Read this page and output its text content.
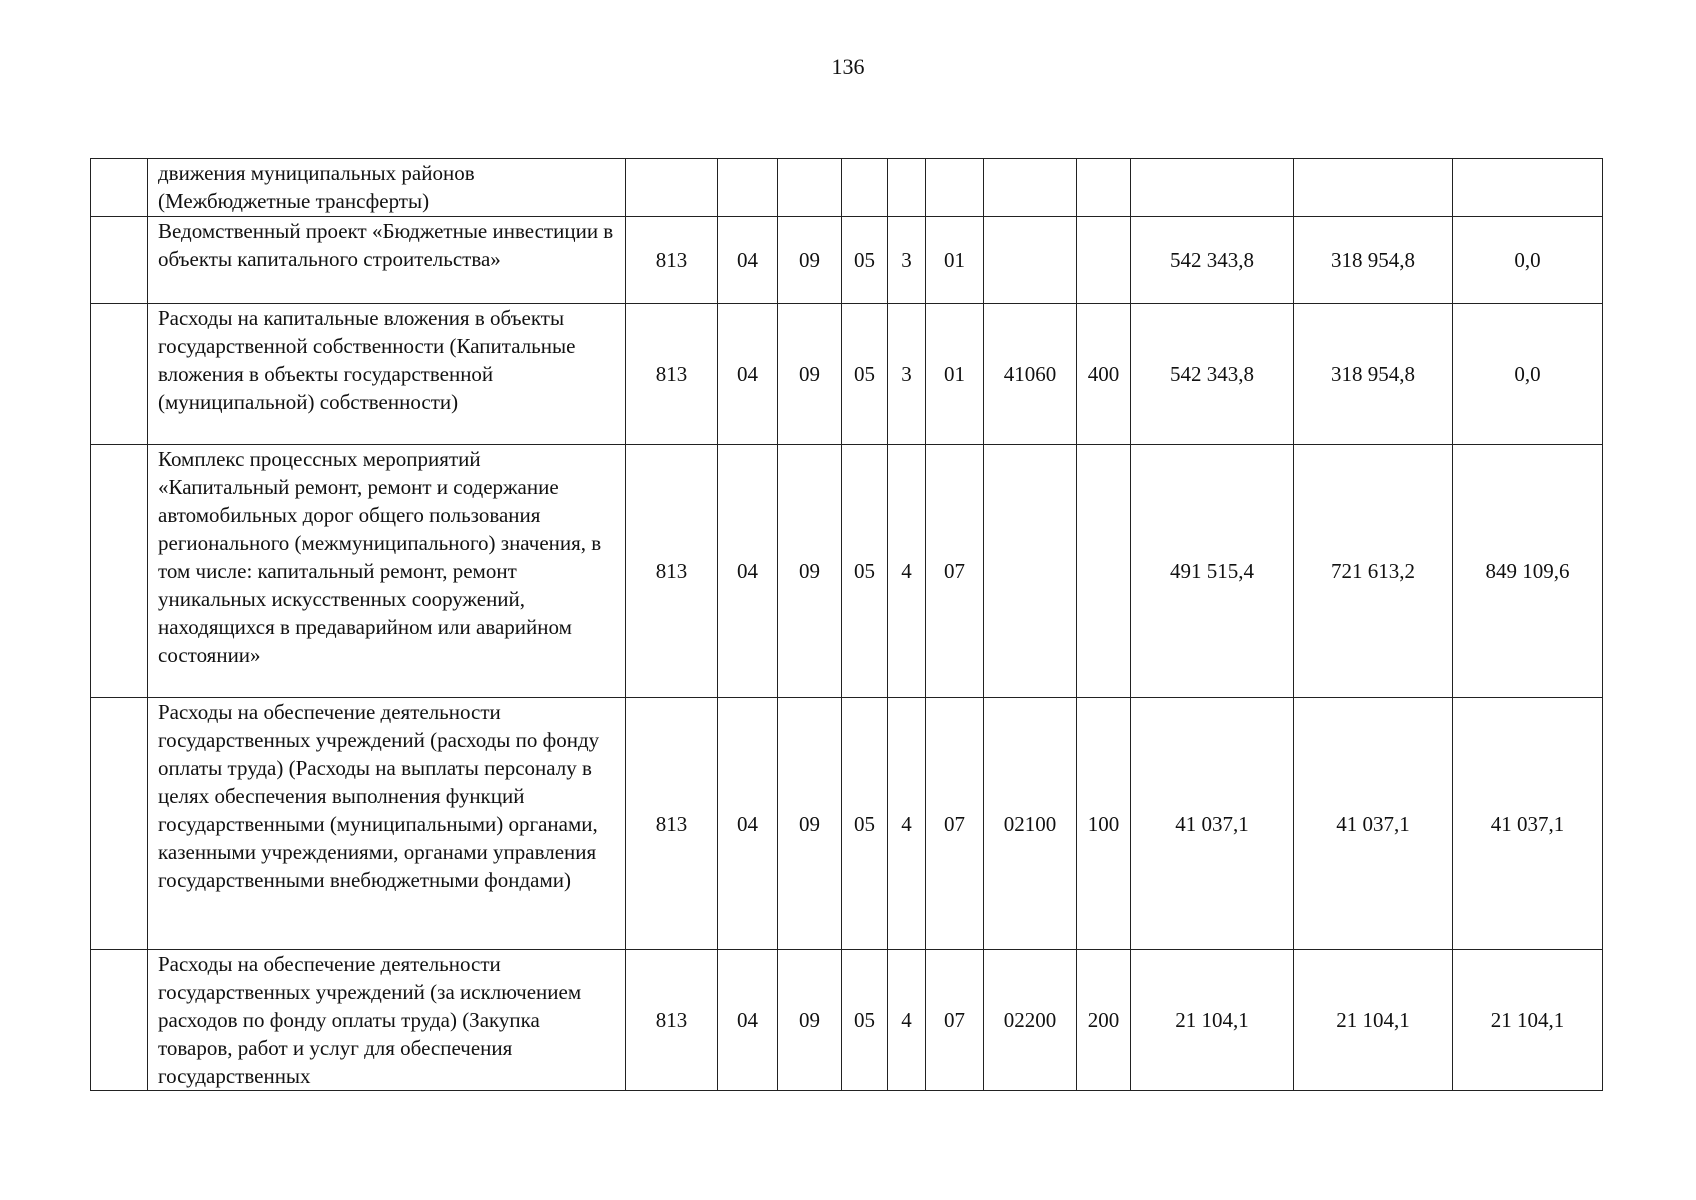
136
	движения муниципальных районов (Межбюджетные трансферты)											
	Ведомственный проект «Бюджетные инвестиции в объекты капитального строительства»	813	04	09	05	3	01			542 343,8	318 954,8	0,0
	Расходы на капитальные вложения в объекты государственной собственности (Капитальные вложения в объекты государственной (муниципальной) собственности)	813	04	09	05	3	01	41060	400	542 343,8	318 954,8	0,0
	Комплекс процессных мероприятий «Капитальный ремонт, ремонт и содержание автомобильных дорог общего пользования регионального (межмуниципального) значения, в том числе: капитальный ремонт, ремонт уникальных искусственных сооружений, находящихся в предаварийном или аварийном состоянии»	813	04	09	05	4	07			491 515,4	721 613,2	849 109,6
	Расходы на обеспечение деятельности государственных учреждений (расходы по фонду оплаты труда) (Расходы на выплаты персоналу в целях обеспечения выполнения функций государственными (муниципальными) органами, казенными учреждениями, органами управления государственными внебюджетными фондами)	813	04	09	05	4	07	02100	100	41 037,1	41 037,1	41 037,1
	Расходы на обеспечение деятельности государственных учреждений (за исключением расходов по фонду оплаты труда) (Закупка товаров, работ и услуг для обеспечения государственных	813	04	09	05	4	07	02200	200	21 104,1	21 104,1	21 104,1
